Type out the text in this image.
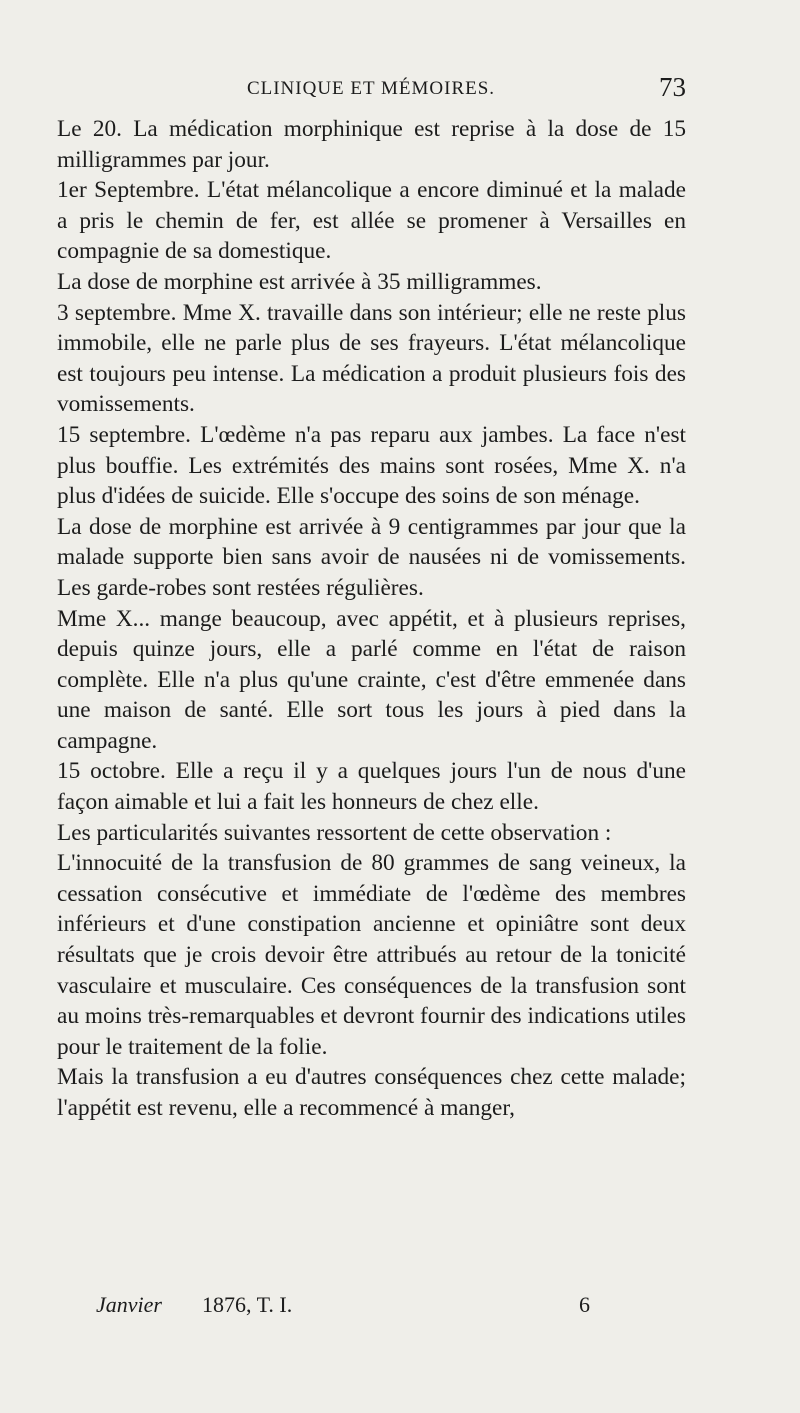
CLINIQUE ET MÉMOIRES.	73

Le 20. La médication morphinique est reprise à la dose de 15 milligrammes par jour.

1er Septembre. L'état mélancolique a encore diminué et la malade a pris le chemin de fer, est allée se promener à Versailles en compagnie de sa domestique.

La dose de morphine est arrivée à 35 milligrammes.

3 septembre. Mme X. travaille dans son intérieur; elle ne reste plus immobile, elle ne parle plus de ses frayeurs. L'état mélancolique est toujours peu intense. La médication a produit plusieurs fois des vomissements.

15 septembre. L'œdème n'a pas reparu aux jambes. La face n'est plus bouffie. Les extrémités des mains sont rosées, Mme X. n'a plus d'idées de suicide. Elle s'occupe des soins de son ménage.

La dose de morphine est arrivée à 9 centigrammes par jour que la malade supporte bien sans avoir de nausées ni de vomissements. Les garde-robes sont restées régulières.

Mme X... mange beaucoup, avec appétit, et à plusieurs reprises, depuis quinze jours, elle a parlé comme en l'état de raison complète. Elle n'a plus qu'une crainte, c'est d'être emmenée dans une maison de santé. Elle sort tous les jours à pied dans la campagne.

15 octobre. Elle a reçu il y a quelques jours l'un de nous d'une façon aimable et lui a fait les honneurs de chez elle.

Les particularités suivantes ressortent de cette observation :

L'innocuité de la transfusion de 80 grammes de sang veineux, la cessation consécutive et immédiate de l'œdème des membres inférieurs et d'une constipation ancienne et opiniâtre sont deux résultats que je crois devoir être attribués au retour de la tonicité vasculaire et musculaire. Ces conséquences de la transfusion sont au moins très-remarquables et devront fournir des indications utiles pour le traitement de la folie.

Mais la transfusion a eu d'autres conséquences chez cette malade; l'appétit est revenu, elle a recommencé à manger,

Janvier 1876, T. I.	6
